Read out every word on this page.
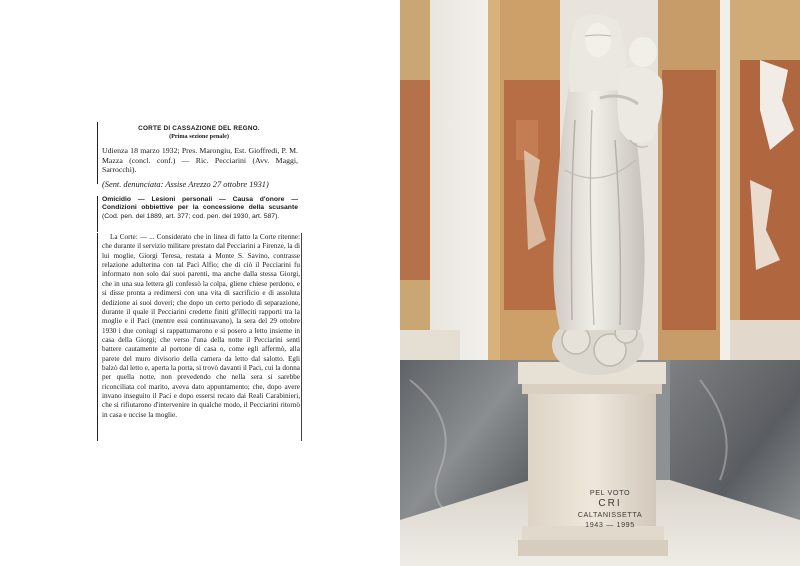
CORTE DI CASSAZIONE DEL REGNO.
(Prima sezione penale)
Udienza 18 marzo 1932; Pres. Marongiu, Est. Gioffredi, P. M. Mazza (concl. conf.) — Ric. Pecciarini (Avv. Maggi, Sarrocchi).
(Sent. denunciata: Assise Arezzo 27 ottobre 1931)
Omicidio — Lesioni personali — Causa d'onore — Condizioni obbiettive per la concessione della scusante (Cod. pen. del 1889, art. 377; cod. pen. del 1930, art. 587).
La Corte: — ... Considerato che in linea di fatto la Corte ritenne: che durante il servizio militare prestato dal Pecciarini a Firenze, la di lui moglie, Giorgi Teresa, restata a Monte S. Savino, contrasse relazione adulterina con tal Paci Alfio; che di ciò il Pecciarini fu informato non solo dai suoi parenti, ma anche dalla stessa Giorgi, che in una sua lettera gli confessò la colpa, gliene chiese perdono, e si disse pronta a redimersi con una vita di sacrificio e di assoluta dedizione ai suoi doveri; che dopo un certo periodo di separazione, durante il quale il Pecciarini credette finiti gl'illeciti rapporti tra la moglie e il Paci (mentre essi continuavano), la sera del 29 ottobre 1930 i due coniugi si rappattumarono e si posero a letto insieme in casa della Giorgi; che verso l'una della notte il Pecciarini sentì battere cautamente al portone di casa o, come egli affermò, alla parete del muro divisorio della camera da letto dal salotto. Egli balzò dal letto e, aperta la porta, si trovò davanti il Paci, cui la donna per quella notte, non prevedendo che nella sera si sarebbe riconciliata col marito, aveva dato appuntamento; che, dopo avere invano inseguito il Paci e dopo essersi recato dai Reali Carabinieri, che si rifiutarono d'intervenire in qualche modo, il Pecciarini ritornò in casa e uccise la moglie.
PEL VOTO
CRI
CALTANISSETTA
1943 — 1995
